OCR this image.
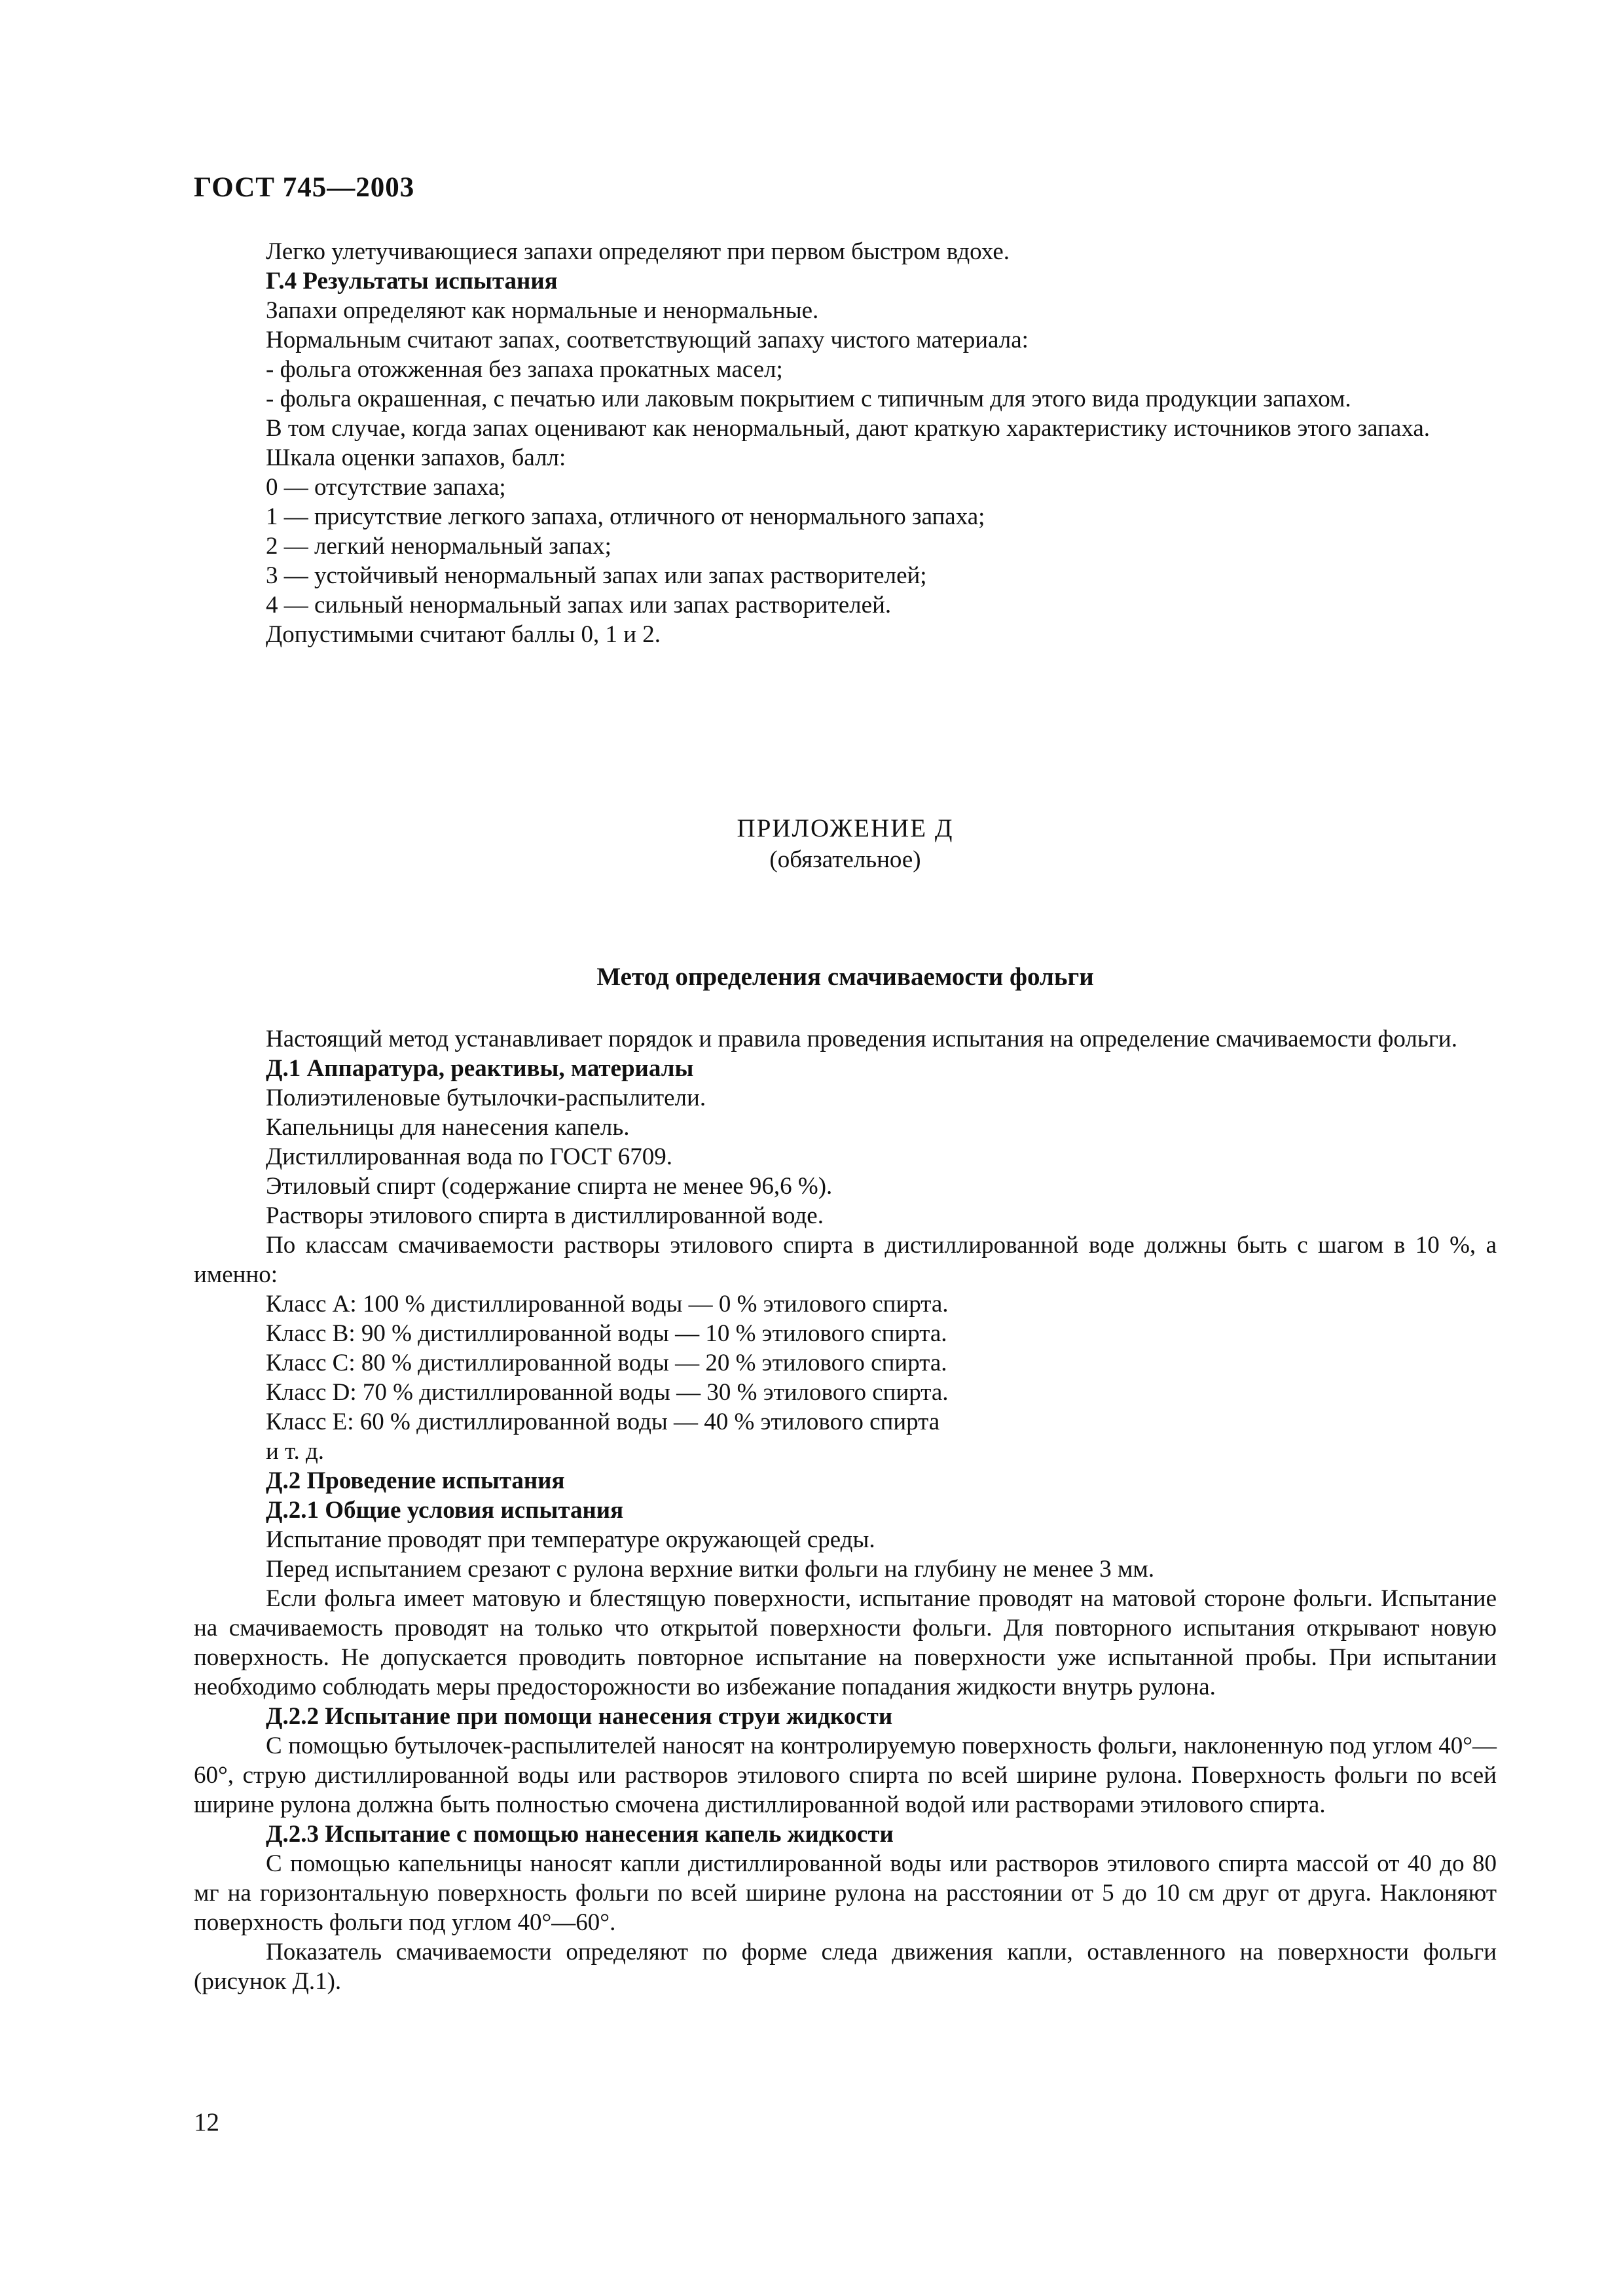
ГОСТ 745—2003

Легко улетучивающиеся запахи определяют при первом быстром вдохе.

Г.4 Результаты испытания

Запахи определяют как нормальные и ненормальные.

Нормальным считают запах, соответствующий запаху чистого материала:

- фольга отожженная без запаха прокатных масел;

- фольга окрашенная, с печатью или лаковым покрытием с типичным для этого вида продукции запахом.

В том случае, когда запах оценивают как ненормальный, дают краткую характеристику источников этого запаха.

Шкала оценки запахов, балл:

0 — отсутствие запаха;

1 — присутствие легкого запаха, отличного от ненормального запаха;

2 — легкий ненормальный запах;

3 — устойчивый ненормальный запах или запах растворителей;

4 — сильный ненормальный запах или запах растворителей.

Допустимыми считают баллы 0, 1 и 2.

ПРИЛОЖЕНИЕ Д
(обязательное)
Метод определения смачиваемости фольги

Настоящий метод устанавливает порядок и правила проведения испытания на определение смачиваемости фольги.

Д.1 Аппаратура, реактивы, материалы

Полиэтиленовые бутылочки-распылители.

Капельницы для нанесения капель.

Дистиллированная вода по ГОСТ 6709.

Этиловый спирт (содержание спирта не менее 96,6 %).

Растворы этилового спирта в дистиллированной воде.

По классам смачиваемости растворы этилового спирта в дистиллированной воде должны быть с шагом в 10 %, а именно:

Класс А: 100 % дистиллированной воды — 0 % этилового спирта.

Класс В: 90 % дистиллированной воды — 10 % этилового спирта.

Класс С: 80 % дистиллированной воды — 20 % этилового спирта.

Класс D: 70 % дистиллированной воды — 30 % этилового спирта.

Класс Е: 60 % дистиллированной воды — 40 % этилового спирта

и т. д.

Д.2 Проведение испытания

Д.2.1 Общие условия испытания

Испытание проводят при температуре окружающей среды.

Перед испытанием срезают с рулона верхние витки фольги на глубину не менее 3 мм.

Если фольга имеет матовую и блестящую поверхности, испытание проводят на матовой стороне фольги. Испытание на смачиваемость проводят на только что открытой поверхности фольги. Для повторного испытания открывают новую поверхность. Не допускается проводить повторное испытание на поверхности уже испытанной пробы. При испытании необходимо соблюдать меры предосторожности во избежание попадания жидкости внутрь рулона.

Д.2.2 Испытание при помощи нанесения струи жидкости

С помощью бутылочек-распылителей наносят на контролируемую поверхность фольги, наклоненную под углом 40°—60°, струю дистиллированной воды или растворов этилового спирта по всей ширине рулона. Поверхность фольги по всей ширине рулона должна быть полностью смочена дистиллированной водой или растворами этилового спирта.

Д.2.3 Испытание с помощью нанесения капель жидкости

С помощью капельницы наносят капли дистиллированной воды или растворов этилового спирта массой от 40 до 80 мг на горизонтальную поверхность фольги по всей ширине рулона на расстоянии от 5 до 10 см друг от друга. Наклоняют поверхность фольги под углом 40°—60°.

Показатель смачиваемости определяют по форме следа движения капли, оставленного на поверхности фольги (рисунок Д.1).

12
